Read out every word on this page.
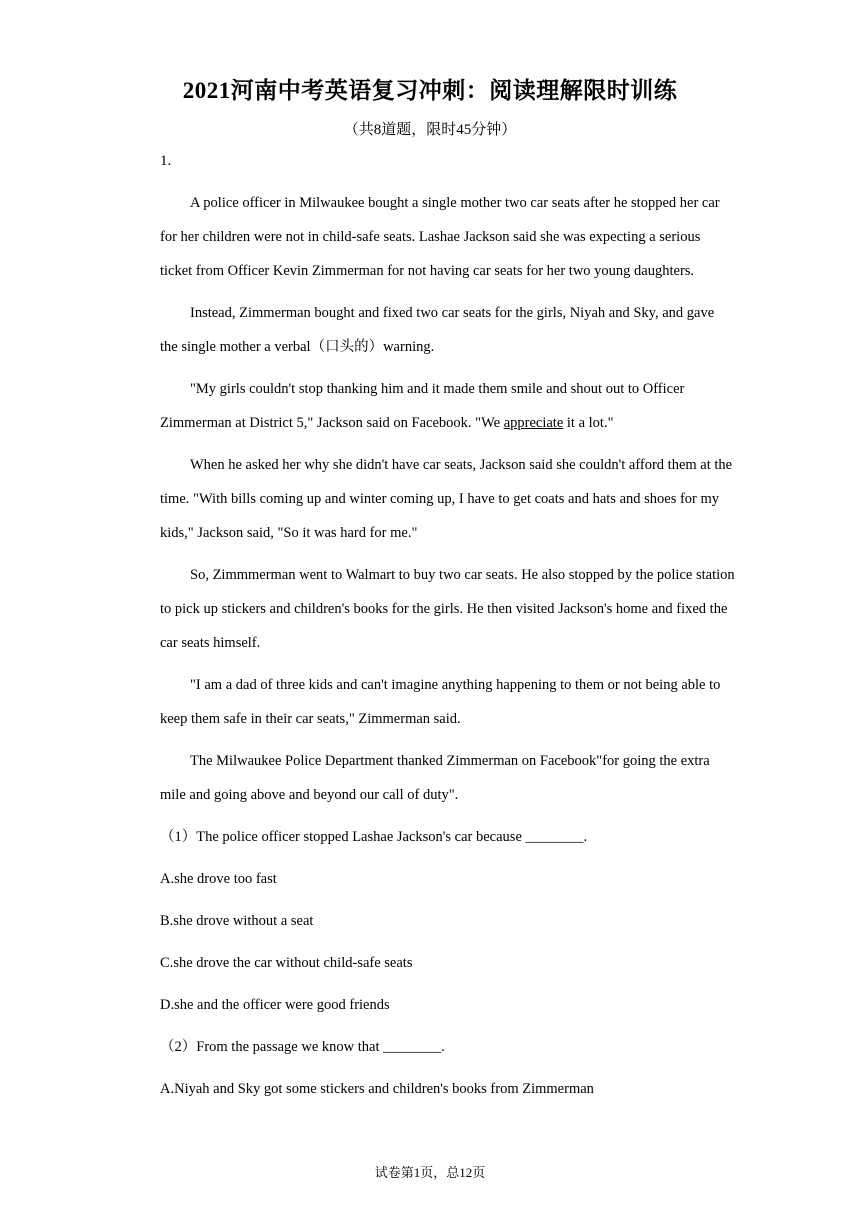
2021河南中考英语复习冲刺：阅读理解限时训练
（共8道题，限时45分钟）
1.

A police officer in Milwaukee bought a single mother two car seats after he stopped her car for her children were not in child-safe seats. Lashae Jackson said she was expecting a serious ticket from Officer Kevin Zimmerman for not having car seats for her two young daughters.

Instead, Zimmerman bought and fixed two car seats for the girls, Niyah and Sky, and gave the single mother a verbal（口头的）warning.

"My girls couldn't stop thanking him and it made them smile and shout out to Officer Zimmerman at District 5," Jackson said on Facebook. "We appreciate it a lot."

When he asked her why she didn't have car seats, Jackson said she couldn't afford them at the time. "With bills coming up and winter coming up, I have to get coats and hats and shoes for my kids," Jackson said, "So it was hard for me."

So, Zimmmerman went to Walmart to buy two car seats. He also stopped by the police station to pick up stickers and children's books for the girls. He then visited Jackson's home and fixed the car seats himself.

"I am a dad of three kids and can't imagine anything happening to them or not being able to keep them safe in their car seats," Zimmerman said.

The Milwaukee Police Department thanked Zimmerman on Facebook"for going the extra mile and going above and beyond our call of duty".

（1）The police officer stopped Lashae Jackson's car because ________.
A.she drove too fast
B.she drove without a seat
C.she drove the car without child-safe seats
D.she and the officer were good friends
（2）From the passage we know that ________.
A.Niyah and Sky got some stickers and children's books from Zimmerman
试卷第1页，总12页
